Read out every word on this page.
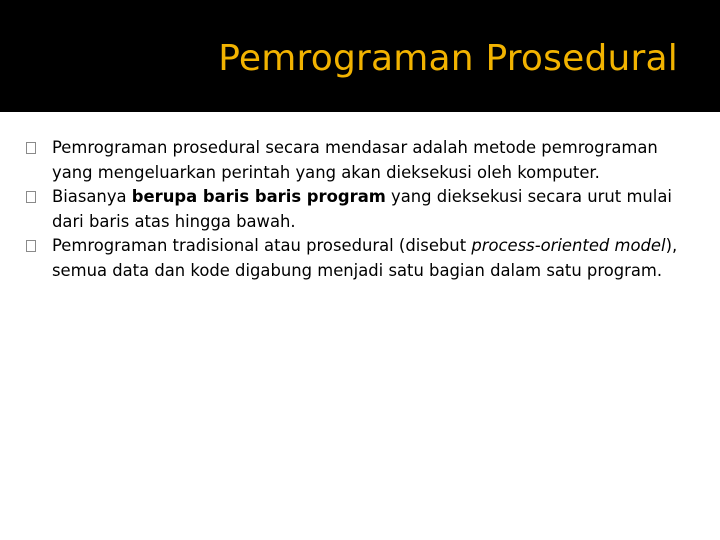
Pemrograman Prosedural
Pemrograman prosedural secara mendasar adalah metode pemrograman yang mengeluarkan perintah yang akan dieksekusi oleh komputer.
Biasanya berupa baris baris program yang dieksekusi secara urut mulai dari baris atas hingga bawah.
Pemrograman tradisional atau prosedural (disebut process-oriented model), semua data dan kode digabung menjadi satu bagian dalam satu program.
